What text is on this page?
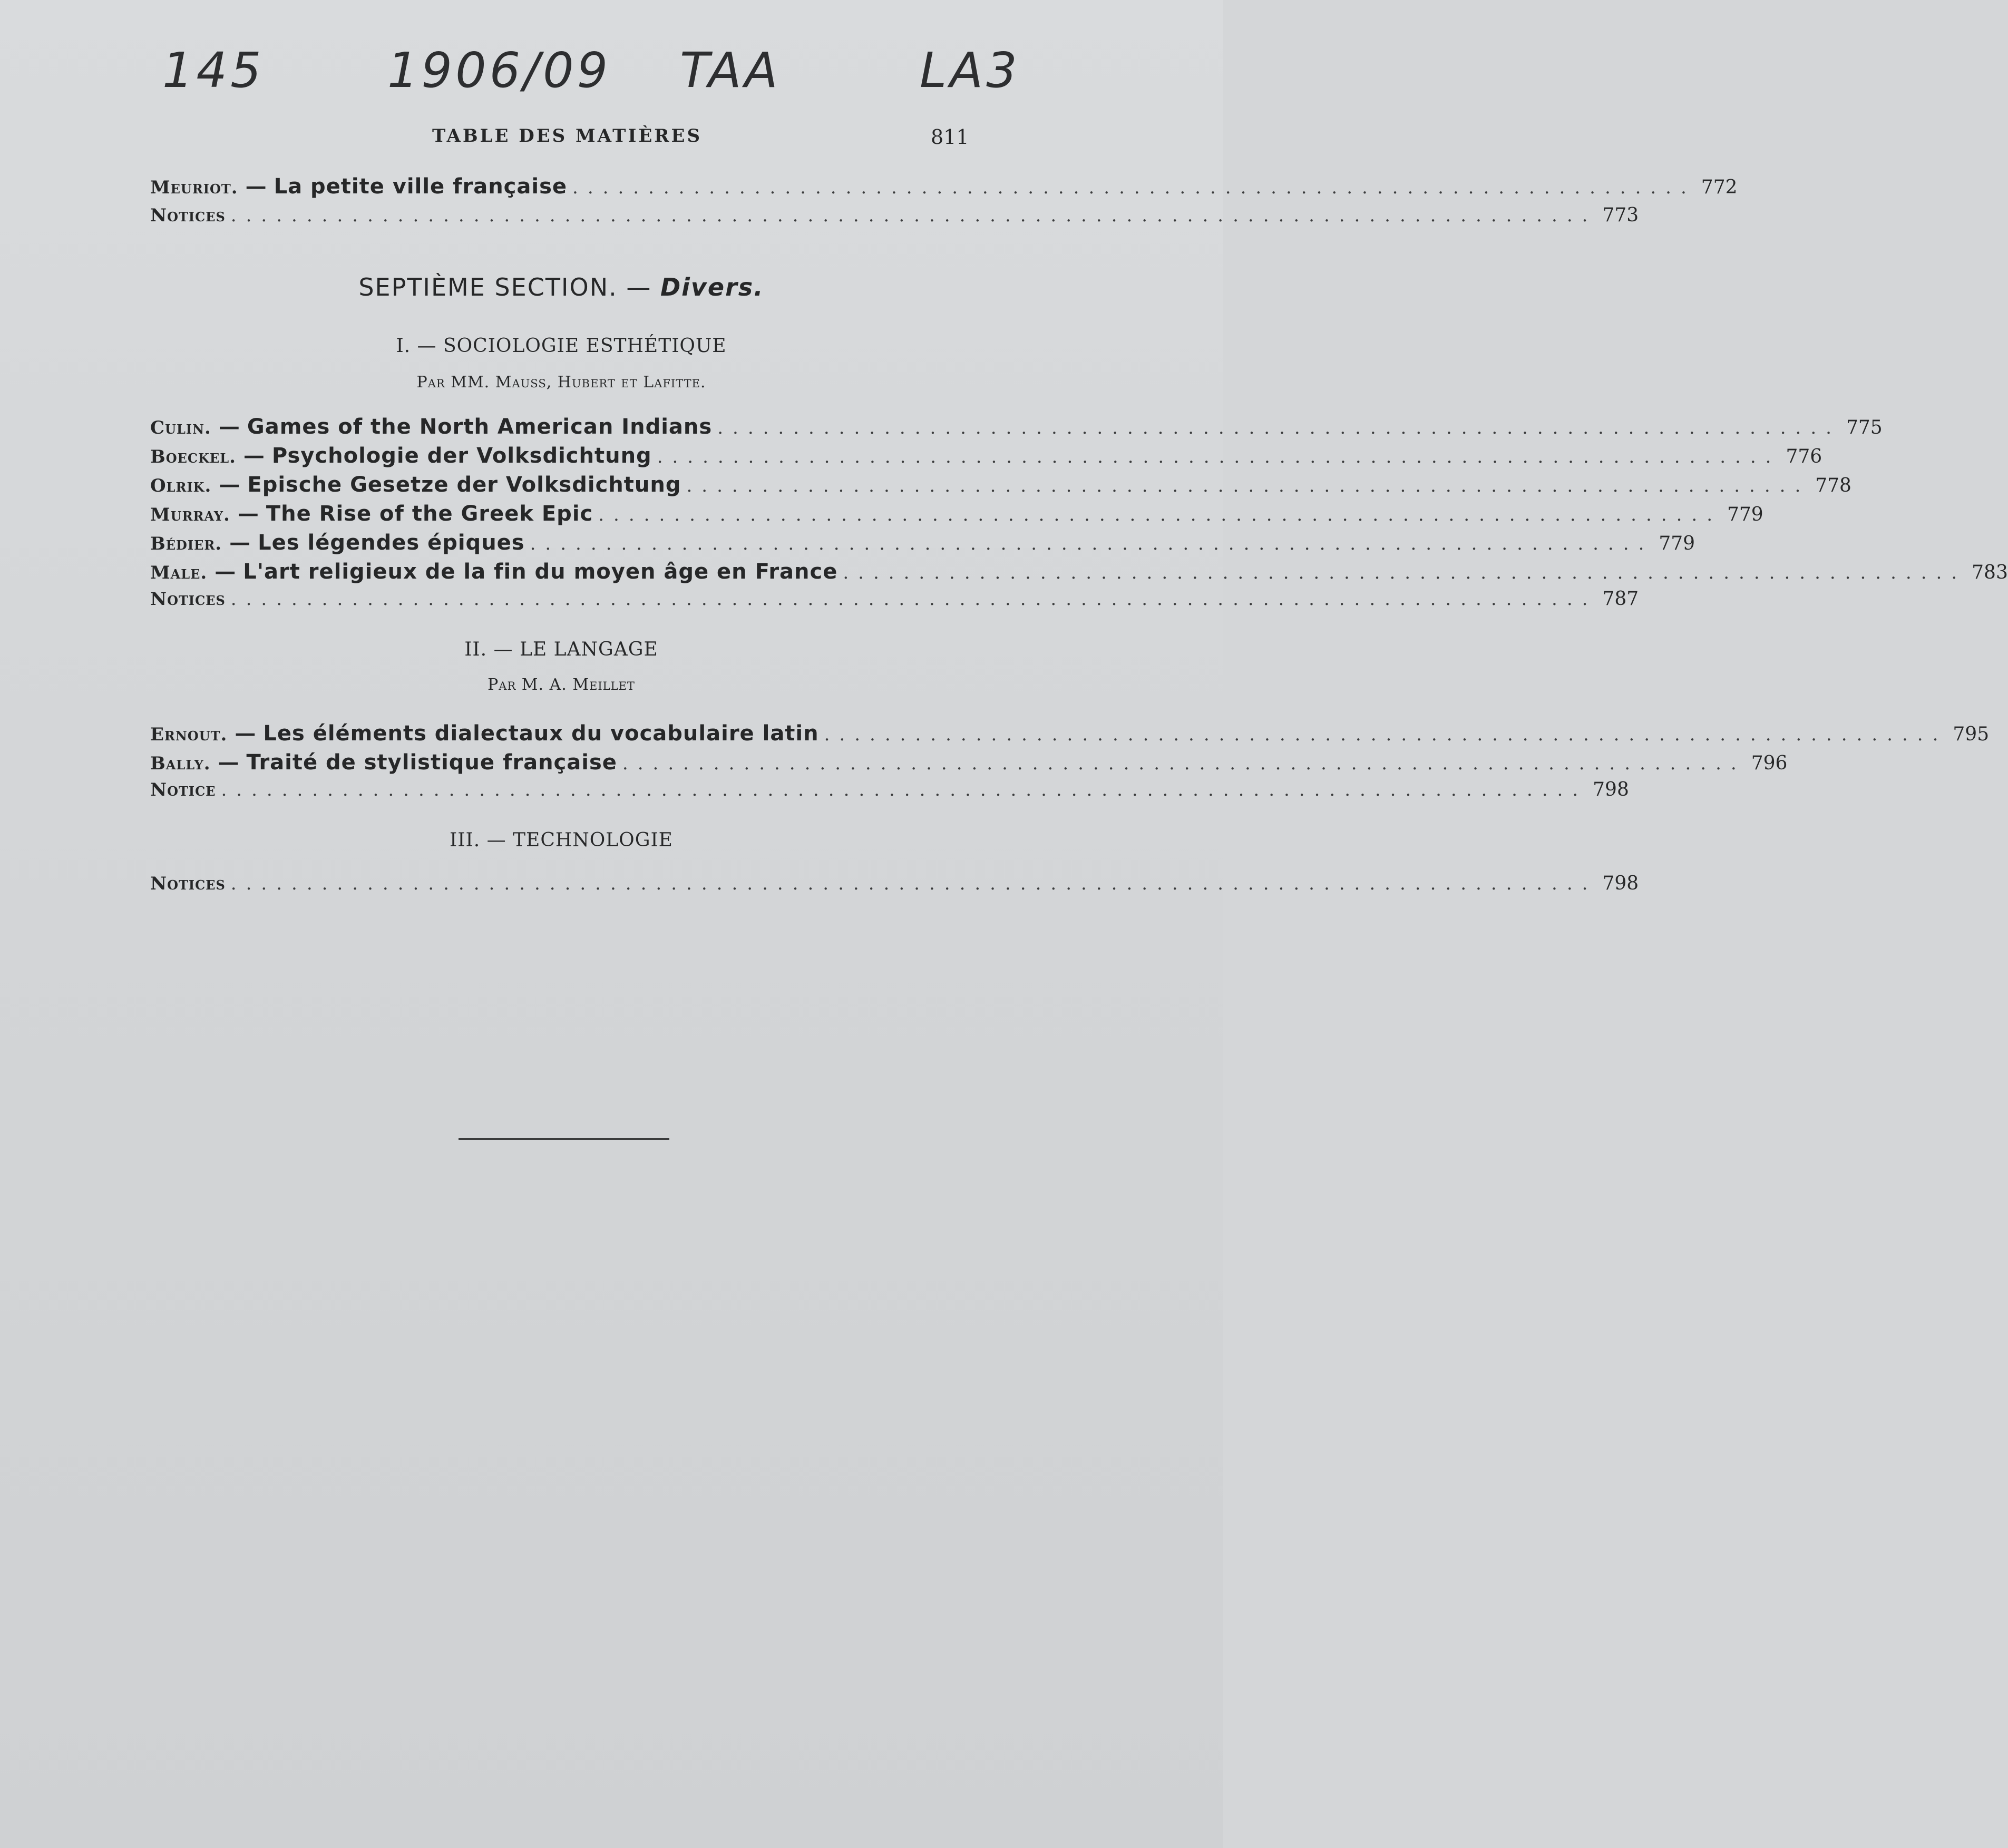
145	1906/09 TAA	LA3
TABLE DES MATIÈRES	811
Meuriot. — La petite ville française .......................................................................... 772
Notices .......................................................................................... 773
SEPTIÈME SECTION. — Divers.
I. — SOCIOLOGIE ESTHÉTIQUE
Par MM. Mauss, Hubert et Lafitte.
Culin. — Games of the North American Indians .......................................................................... 775
Boeckel. — Psychologie der Volksdichtung .......................................................................... 776
Olrik. — Epische Gesetze der Volksdichtung .......................................................................... 778
Murray. — The Rise of the Greek Epic .......................................................................... 779
Bédier. — Les légendes épiques .......................................................................... 779
Male. — L'art religieux de la fin du moyen âge en France .......................................................................... 783
Notices .......................................................................................... 787
II. — LE LANGAGE
Par M. A. Meillet
Ernout. — Les éléments dialectaux du vocabulaire latin .......................................................................... 795
Bally. — Traité de stylistique française .......................................................................... 796
Notice .......................................................................................... 798
III. — TECHNOLOGIE
Notices .......................................................................................... 798
